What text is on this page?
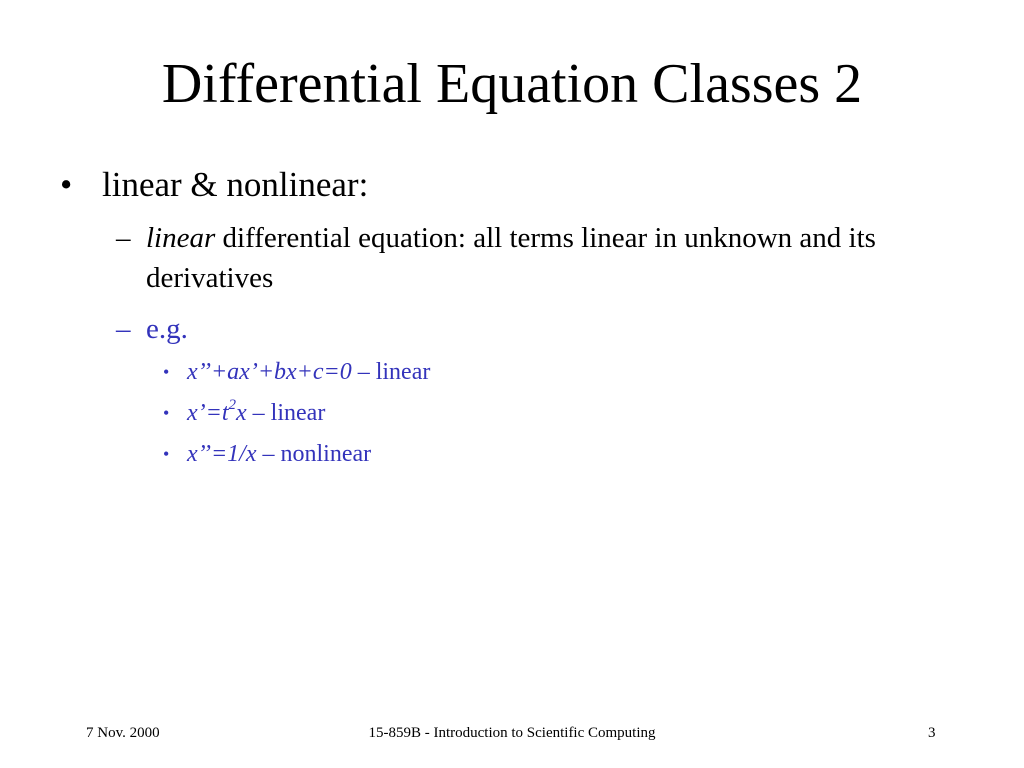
Differential Equation Classes 2
• linear & nonlinear:
– linear differential equation: all terms linear in unknown and its derivatives
– e.g.
• x’’+ax’+bx+c=0 – linear
• $x’=t^2x$ – linear
• x’’=1/x – nonlinear
7 Nov. 2000	15-859B - Introduction to Scientific Computing	3
